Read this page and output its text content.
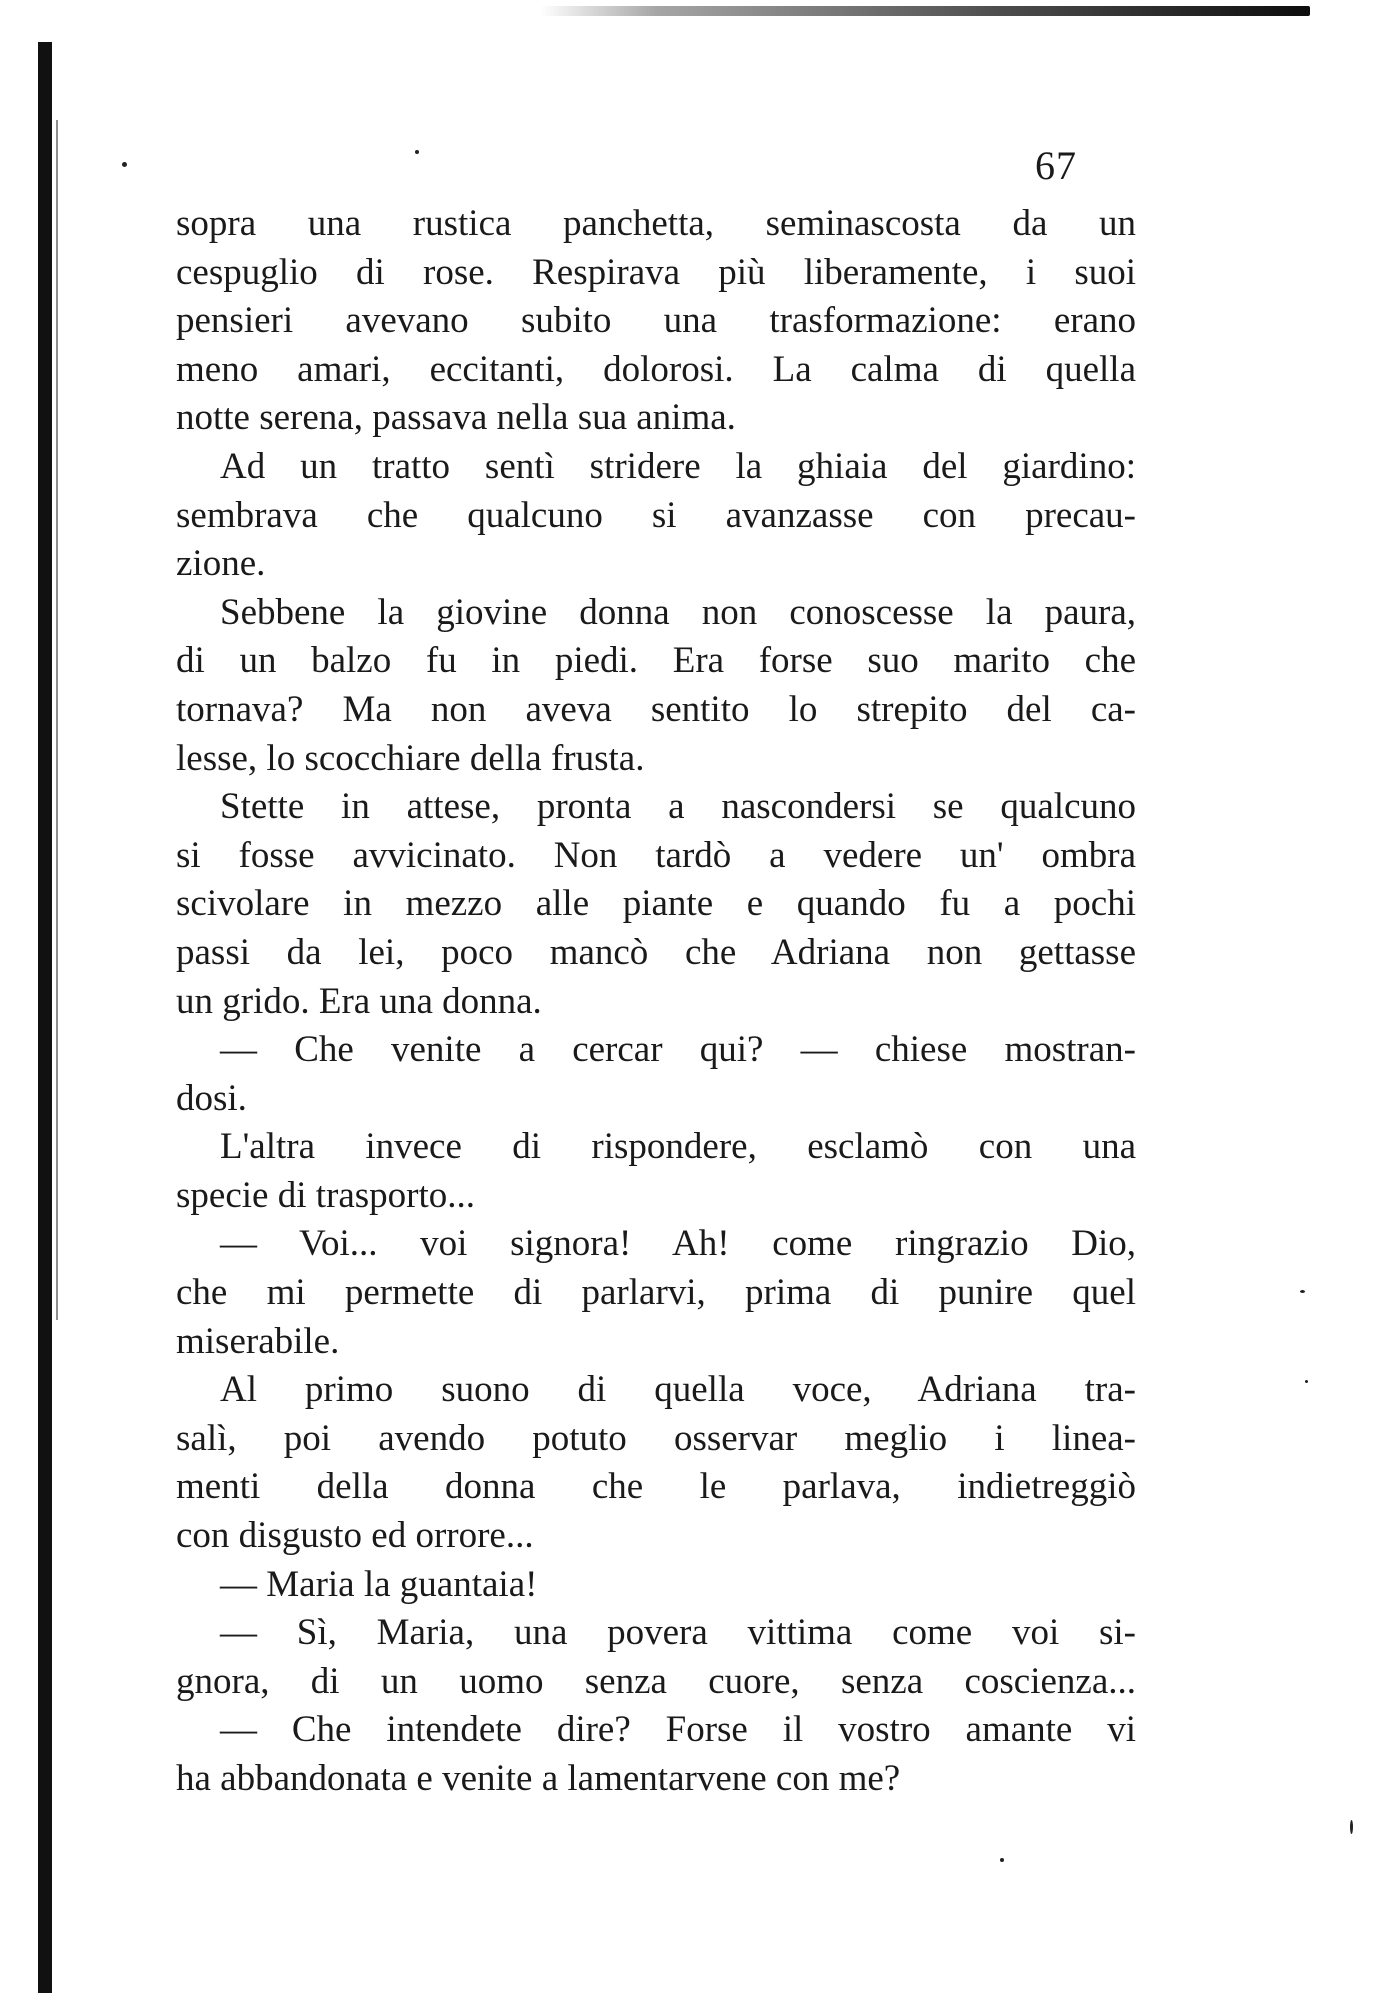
67
sopra una rustica panchetta, seminascosta da un
cespuglio di rose. Respirava più liberamente, i suoi
pensieri avevano subito una trasformazione: erano
meno amari, eccitanti, dolorosi. La calma di quella
notte serena, passava nella sua anima.
Ad un tratto sentì stridere la ghiaia del giardino:
sembrava che qualcuno si avanzasse con precau-
zione.
Sebbene la giovine donna non conoscesse la paura,
di un balzo fu in piedi. Era forse suo marito che
tornava? Ma non aveva sentito lo strepito del ca-
lesse, lo scocchiare della frusta.
Stette in attese, pronta a nascondersi se qualcuno
si fosse avvicinato. Non tardò a vedere un' ombra
scivolare in mezzo alle piante e quando fu a pochi
passi da lei, poco mancò che Adriana non gettasse
un grido. Era una donna.
— Che venite a cercar qui? — chiese mostran-
dosi.
L'altra invece di rispondere, esclamò con una
specie di trasporto...
— Voi... voi signora! Ah! come ringrazio Dio,
che mi permette di parlarvi, prima di punire quel
miserabile.
Al primo suono di quella voce, Adriana tra-
salì, poi avendo potuto osservar meglio i linea-
menti della donna che le parlava, indietreggiò
con disgusto ed orrore...
— Maria la guantaia!
— Sì, Maria, una povera vittima come voi si-
gnora, di un uomo senza cuore, senza coscienza...
— Che intendete dire? Forse il vostro amante vi
ha abbandonata e venite a lamentarvene con me?
